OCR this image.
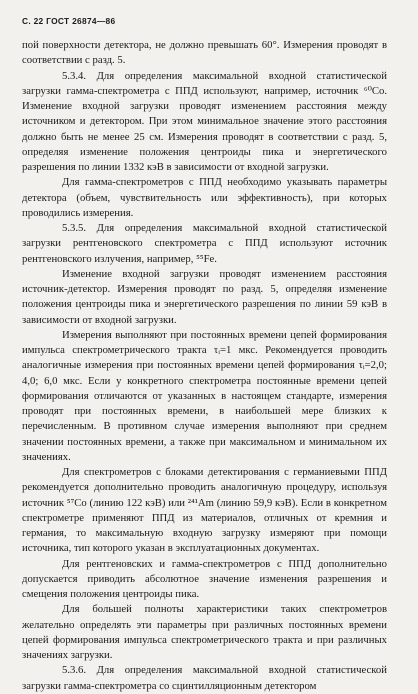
С. 22 ГОСТ 26874—86

пой поверхности детектора, не должно превышать 60°. Измерения проводят в соответствии с разд. 5.

5.3.4. Для определения максимальной входной статистической загрузки гамма-спектрометра с ППД используют, например, источник ⁶⁰Co. Изменение входной загрузки проводят изменением расстояния между источником и детектором. При этом минимальное значение этого расстояния должно быть не менее 25 см. Измерения проводят в соответствии с разд. 5, определяя изменение положения центроиды пика и энергетического разрешения по линии 1332 кэВ в зависимости от входной загрузки.

Для гамма-спектрометров с ППД необходимо указывать параметры детектора (объем, чувствительность или эффективность), при которых проводились измерения.

5.3.5. Для определения максимальной входной статистической загрузки рентгеновского спектрометра с ППД используют источник рентгеновского излучения, например, ⁵⁵Fe.

Изменение входной загрузки проводят изменением расстояния источник-детектор. Измерения проводят по разд. 5, определяя изменение положения центроиды пика и энергетического разрешения по линии 59 кэВ в зависимости от входной загрузки.

Измерения выполняют при постоянных времени цепей формирования импульса спектрометрического тракта τᵢ=1 мкс. Рекомендуется проводить аналогичные измерения при постоянных времени цепей формирования τᵢ=2,0; 4,0; 6,0 мкс. Если у конкретного спектрометра постоянные времени цепей формирования отличаются от указанных в настоящем стандарте, измерения проводят при постоянных времени, в наибольшей мере близких к перечисленным. В противном случае измерения выполняют при среднем значении постоянных времени, а также при максимальном и минимальном их значениях.

Для спектрометров с блоками детектирования с германиевыми ППД рекомендуется дополнительно проводить аналогичную процедуру, используя источник ⁵⁷Co (линию 122 кэВ) или ²⁴¹Am (линию 59,9 кэВ). Если в конкретном спектрометре применяют ППД из материалов, отличных от кремния и германия, то максимальную входную загрузку измеряют при помощи источника, тип которого указан в эксплуатационных документах.

Для рентгеновских и гамма-спектрометров с ППД дополнительно допускается приводить абсолютное значение изменения разрешения и смещения положения центроиды пика.

Для большей полноты характеристики таких спектрометров желательно определять эти параметры при различных постоянных времени цепей формирования импульса спектрометрического тракта и при различных значениях загрузки.

5.3.6. Для определения максимальной входной статистической загрузки гамма-спектрометра со сцинтилляционным детектором
